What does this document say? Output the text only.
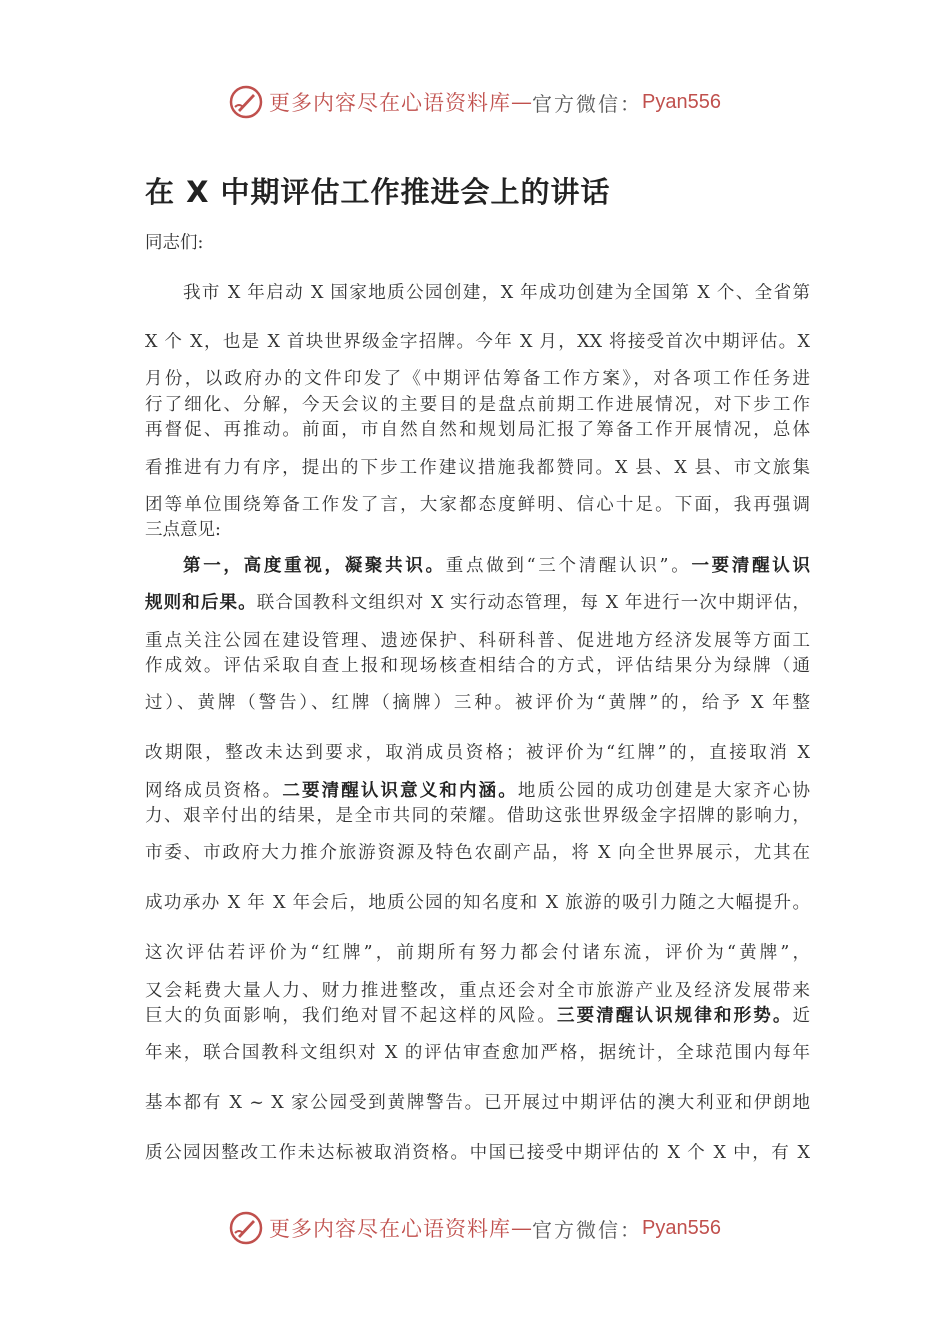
更多内容尽在心语资料库 — 官方微信： Pyan556
在 X 中期评估工作推进会上的讲话
同志们:
我市 X 年启动 X 国家地质公园创建，X 年成功创建为全国第 X 个、全省第
X 个 X，也是 X 首块世界级金字招牌。今年 X 月，XX 将接受首次中期评估。X
月份，以政府办的文件印发了《中期评估筹备工作方案》，对各项工作任务进
行了细化、分解，今天会议的主要目的是盘点前期工作进展情况，对下步工作
再督促、再推动。前面，市自然自然和规划局汇报了筹备工作开展情况，总体
看推进有力有序，提出的下步工作建议措施我都赞同。X 县、X 县、市文旅集
团等单位围绕筹备工作发了言，大家都态度鲜明、信心十足。下面，我再强调
三点意见:
第一，高度重视，凝聚共识。重点做到“三个清醒认识”。一要清醒认识
规则和后果。联合国教科文组织对 X 实行动态管理，每 X 年进行一次中期评估，
重点关注公园在建设管理、遗迹保护、科研科普、促进地方经济发展等方面工
作成效。评估采取自查上报和现场核查相结合的方式，评估结果分为绿牌（通
过）、黄牌（警告）、红牌（摘牌）三种。被评价为“黄牌”的，给予 X 年整
改期限，整改未达到要求，取消成员资格；被评价为“红牌”的，直接取消 X
网络成员资格。二要清醒认识意义和内涵。地质公园的成功创建是大家齐心协
力、艰辛付出的结果，是全市共同的荣耀。借助这张世界级金字招牌的影响力，
市委、市政府大力推介旅游资源及特色农副产品，将 X 向全世界展示，尤其在
成功承办 X 年 X 年会后，地质公园的知名度和 X 旅游的吸引力随之大幅提升。
这次评估若评价为“红牌”，前期所有努力都会付诸东流，评价为“黄牌”，
又会耗费大量人力、财力推进整改，重点还会对全市旅游产业及经济发展带来
巨大的负面影响，我们绝对冒不起这样的风险。三要清醒认识规律和形势。近
年来，联合国教科文组织对 X 的评估审查愈加严格，据统计，全球范围内每年
基本都有 X ~ X 家公园受到黄牌警告。已开展过中期评估的澳大利亚和伊朗地
质公园因整改工作未达标被取消资格。中国已接受中期评估的 X 个 X 中，有 X
更多内容尽在心语资料库 — 官方微信： Pyan556
